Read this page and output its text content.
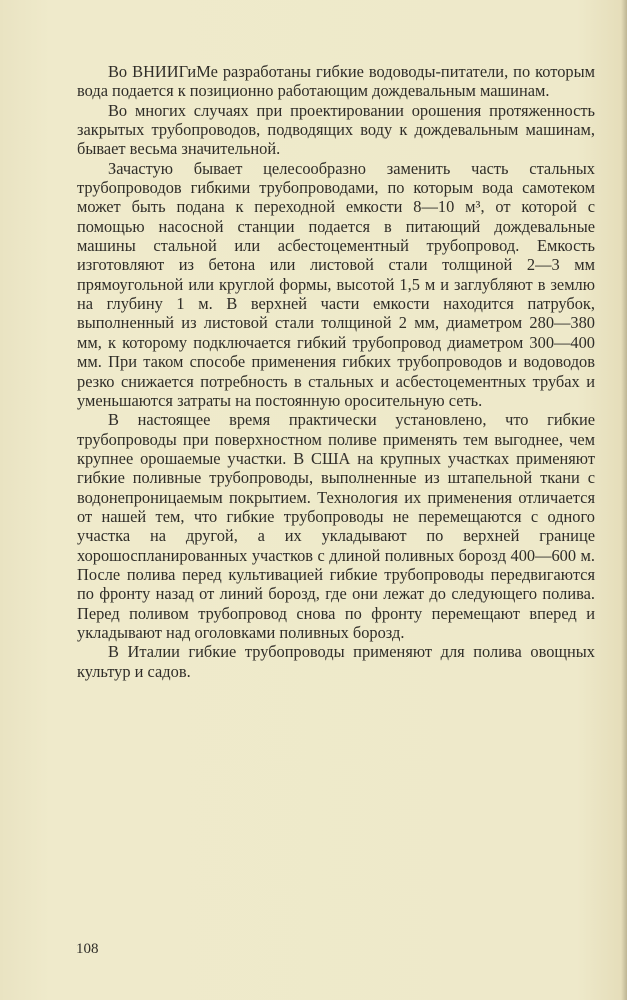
Во ВНИИГиМе разработаны гибкие водоводы-питатели, по которым вода подается к позиционно работающим дождевальным машинам.

Во многих случаях при проектировании орошения протяженность закрытых трубопроводов, подводящих воду к дождевальным машинам, бывает весьма значительной.

Зачастую бывает целесообразно заменить часть стальных трубопроводов гибкими трубопроводами, по которым вода самотеком может быть подана к переходной емкости 8—10 м³, от которой с помощью насосной станции подается в питающий дождевальные машины стальной или асбестоцементный трубопровод. Емкость изготовляют из бетона или листовой стали толщиной 2—3 мм прямоугольной или круглой формы, высотой 1,5 м и заглубляют в землю на глубину 1 м. В верхней части емкости находится патрубок, выполненный из листовой стали толщиной 2 мм, диаметром 280—380 мм, к которому подключается гибкий трубопровод диаметром 300—400 мм. При таком способе применения гибких трубопроводов и водоводов резко снижается потребность в стальных и асбестоцементных трубах и уменьшаются затраты на постоянную оросительную сеть.

В настоящее время практически установлено, что гибкие трубопроводы при поверхностном поливе применять тем выгоднее, чем крупнее орошаемые участки. В США на крупных участках применяют гибкие поливные трубопроводы, выполненные из штапельной ткани с водонепроницаемым покрытием. Технология их применения отличается от нашей тем, что гибкие трубопроводы не перемещаются с одного участка на другой, а их укладывают по верхней границе хорошоспланированных участков с длиной поливных борозд 400—600 м. После полива перед культивацией гибкие трубопроводы передвигаются по фронту назад от линий борозд, где они лежат до следующего полива. Перед поливом трубопровод снова по фронту перемещают вперед и укладывают над оголовками поливных борозд.

В Италии гибкие трубопроводы применяют для полива овощных культур и садов.

108
